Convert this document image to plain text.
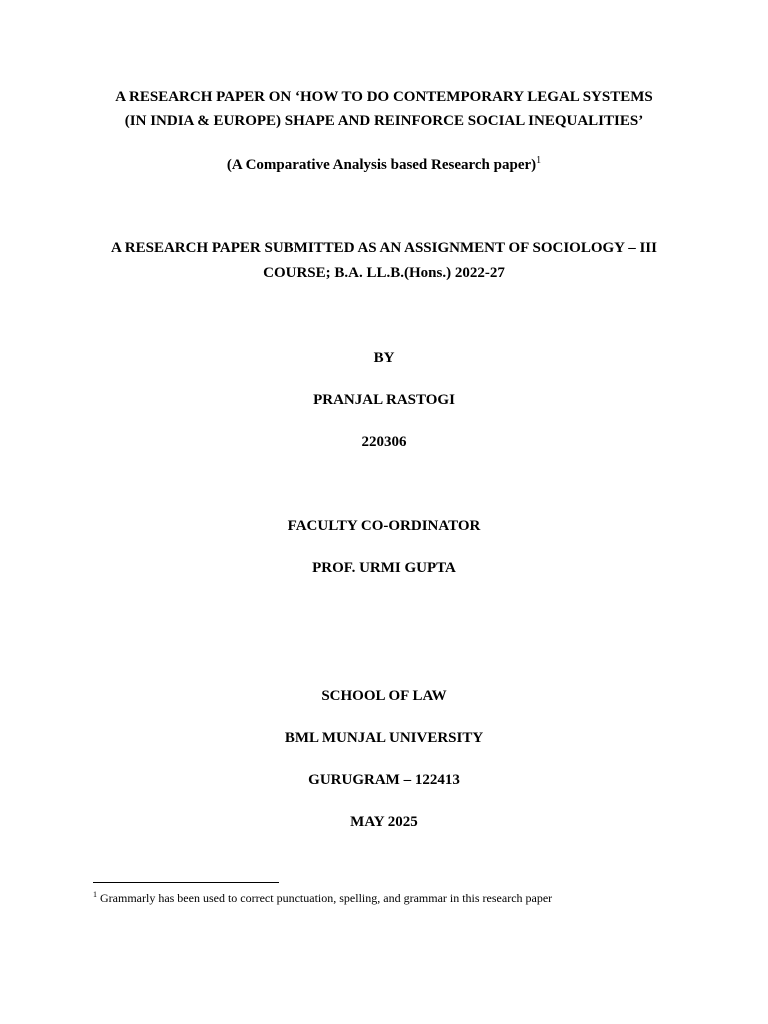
A RESEARCH PAPER ON ‘HOW TO DO CONTEMPORARY LEGAL SYSTEMS
(IN INDIA & EUROPE) SHAPE AND REINFORCE SOCIAL INEQUALITIES’
(A Comparative Analysis based Research paper)$^1$
A RESEARCH PAPER SUBMITTED AS AN ASSIGNMENT OF SOCIOLOGY – III
COURSE; B.A. LL.B.(Hons.) 2022-27
BY
PRANJAL RASTOGI
220306
FACULTY CO-ORDINATOR
PROF. URMI GUPTA
SCHOOL OF LAW
BML MUNJAL UNIVERSITY
GURUGRAM – 122413
MAY 2025
$^1$ Grammarly has been used to correct punctuation, spelling, and grammar in this research paper
